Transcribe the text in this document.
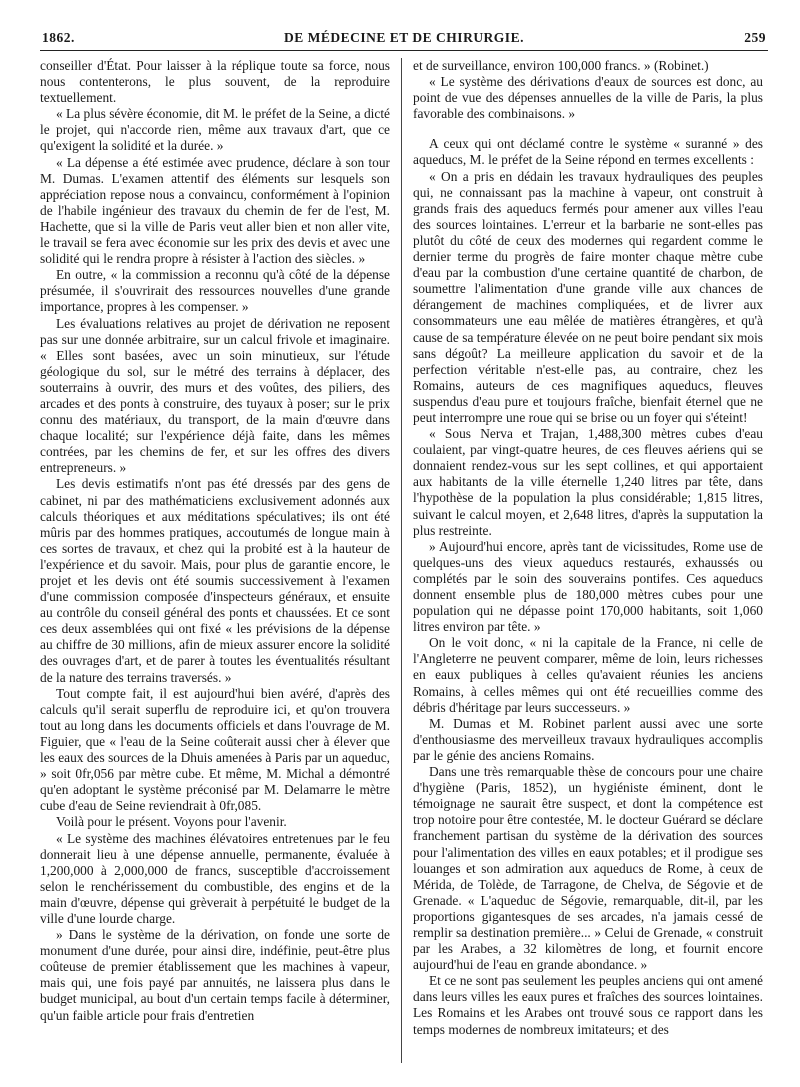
1862.	DE MÉDECINE ET DE CHIRURGIE.	259

conseiller d'État. Pour laisser à la réplique toute sa force, nous nous contenterons, le plus souvent, de la reproduire textuellement.

« La plus sévère économie, dit M. le préfet de la Seine, a dicté le projet, qui n'accorde rien, même aux travaux d'art, que ce qu'exigent la solidité et la durée. »

« La dépense a été estimée avec prudence, déclare à son tour M. Dumas. L'examen attentif des éléments sur lesquels son appréciation repose nous a convaincu, conformément à l'opinion de l'habile ingénieur des travaux du chemin de fer de l'est, M. Hachette, que si la ville de Paris veut aller bien et non aller vite, le travail se fera avec économie sur les prix des devis et avec une solidité qui le rendra propre à résister à l'action des siècles. »

En outre, « la commission a reconnu qu'à côté de la dépense présumée, il s'ouvrirait des ressources nouvelles d'une grande importance, propres à les compenser. »

Les évaluations relatives au projet de dérivation ne reposent pas sur une donnée arbitraire, sur un calcul frivole et imaginaire. « Elles sont basées, avec un soin minutieux, sur l'étude géologique du sol, sur le métré des terrains à déplacer, des souterrains à ouvrir, des murs et des voûtes, des piliers, des arcades et des ponts à construire, des tuyaux à poser; sur le prix connu des matériaux, du transport, de la main d'œuvre dans chaque localité; sur l'expérience déjà faite, dans les mêmes contrées, par les chemins de fer, et sur les offres des divers entrepreneurs. »

Les devis estimatifs n'ont pas été dressés par des gens de cabinet, ni par des mathématiciens exclusivement adonnés aux calculs théoriques et aux méditations spéculatives; ils ont été mûris par des hommes pratiques, accoutumés de longue main à ces sortes de travaux, et chez qui la probité est à la hauteur de l'expérience et du savoir. Mais, pour plus de garantie encore, le projet et les devis ont été soumis successivement à l'examen d'une commission composée d'inspecteurs généraux, et ensuite au contrôle du conseil général des ponts et chaussées. Et ce sont ces deux assemblées qui ont fixé « les prévisions de la dépense au chiffre de 30 millions, afin de mieux assurer encore la solidité des ouvrages d'art, et de parer à toutes les éventualités résultant de la nature des terrains traversés. »

Tout compte fait, il est aujourd'hui bien avéré, d'après des calculs qu'il serait superflu de reproduire ici, et qu'on trouvera tout au long dans les documents officiels et dans l'ouvrage de M. Figuier, que « l'eau de la Seine coûterait aussi cher à élever que les eaux des sources de la Dhuis amenées à Paris par un aqueduc, » soit 0fr,056 par mètre cube. Et même, M. Michal a démontré qu'en adoptant le système préconisé par M. Delamarre le mètre cube d'eau de Seine reviendrait à 0fr,085.

Voilà pour le présent. Voyons pour l'avenir.

« Le système des machines élévatoires entretenues par le feu donnerait lieu à une dépense annuelle, permanente, évaluée à 1,200,000 à 2,000,000 de francs, susceptible d'accroissement selon le renchérissement du combustible, des engins et de la main d'œuvre, dépense qui grèverait à perpétuité le budget de la ville d'une lourde charge.

» Dans le système de la dérivation, on fonde une sorte de monument d'une durée, pour ainsi dire, indéfinie, peut-être plus coûteuse de premier établissement que les machines à vapeur, mais qui, une fois payé par annuités, ne laissera plus dans le budget municipal, au bout d'un certain temps facile à déterminer, qu'un faible article pour frais d'entretien

et de surveillance, environ 100,000 francs. » (Robinet.)

« Le système des dérivations d'eaux de sources est donc, au point de vue des dépenses annuelles de la ville de Paris, la plus favorable des combinaisons. »

A ceux qui ont déclamé contre le système « suranné » des aqueducs, M. le préfet de la Seine répond en termes excellents :

« On a pris en dédain les travaux hydrauliques des peuples qui, ne connaissant pas la machine à vapeur, ont construit à grands frais des aqueducs fermés pour amener aux villes l'eau des sources lointaines. L'erreur et la barbarie ne sont-elles pas plutôt du côté de ceux des modernes qui regardent comme le dernier terme du progrès de faire monter chaque mètre cube d'eau par la combustion d'une certaine quantité de charbon, de soumettre l'alimentation d'une grande ville aux chances de dérangement de machines compliquées, et de livrer aux consommateurs une eau mêlée de matières étrangères, et qu'à cause de sa température élevée on ne peut boire pendant six mois sans dégoût? La meilleure application du savoir et de la perfection véritable n'est-elle pas, au contraire, chez les Romains, auteurs de ces magnifiques aqueducs, fleuves suspendus d'eau pure et toujours fraîche, bienfait éternel que ne peut interrompre une roue qui se brise ou un foyer qui s'éteint!

« Sous Nerva et Trajan, 1,488,300 mètres cubes d'eau coulaient, par vingt-quatre heures, de ces fleuves aériens qui se donnaient rendez-vous sur les sept collines, et qui apportaient aux habitants de la ville éternelle 1,240 litres par tête, dans l'hypothèse de la population la plus considérable; 1,815 litres, suivant le calcul moyen, et 2,648 litres, d'après la supputation la plus restreinte.

» Aujourd'hui encore, après tant de vicissitudes, Rome use de quelques-uns des vieux aqueducs restaurés, exhaussés ou complétés par le soin des souverains pontifes. Ces aqueducs donnent ensemble plus de 180,000 mètres cubes pour une population qui ne dépasse point 170,000 habitants, soit 1,060 litres environ par tête. »

On le voit donc, « ni la capitale de la France, ni celle de l'Angleterre ne peuvent comparer, même de loin, leurs richesses en eaux publiques à celles qu'avaient réunies les anciens Romains, à celles mêmes qui ont été recueillies comme des débris d'héritage par leurs successeurs. »

M. Dumas et M. Robinet parlent aussi avec une sorte d'enthousiasme des merveilleux travaux hydrauliques accomplis par le génie des anciens Romains.

Dans une très remarquable thèse de concours pour une chaire d'hygiène (Paris, 1852), un hygiéniste éminent, dont le témoignage ne saurait être suspect, et dont la compétence est trop notoire pour être contestée, M. le docteur Guérard se déclare franchement partisan du système de la dérivation des sources pour l'alimentation des villes en eaux potables; et il prodigue ses louanges et son admiration aux aqueducs de Rome, à ceux de Mérida, de Tolède, de Tarragone, de Chelva, de Ségovie et de Grenade. « L'aqueduc de Ségovie, remarquable, dit-il, par les proportions gigantesques de ses arcades, n'a jamais cessé de remplir sa destination première... » Celui de Grenade, « construit par les Arabes, a 32 kilomètres de long, et fournit encore aujourd'hui de l'eau en grande abondance. »

Et ce ne sont pas seulement les peuples anciens qui ont amené dans leurs villes les eaux pures et fraîches des sources lointaines. Les Romains et les Arabes ont trouvé sous ce rapport dans les temps modernes de nombreux imitateurs; et des
